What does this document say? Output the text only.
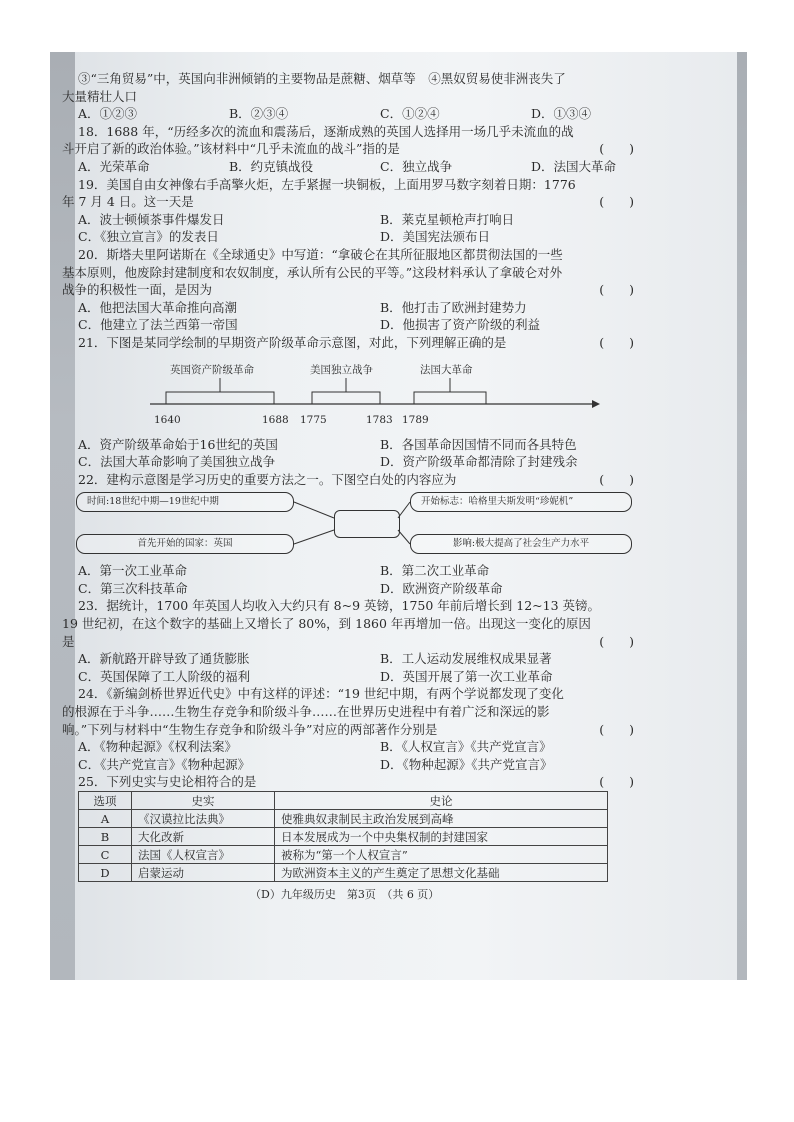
③“三角贸易”中，英国向非洲倾销的主要物品是蔗糖、烟草等　④黑奴贸易使非洲丧失了
大量精壮人口
A．①②③	B．②③④	C．①②④	D．①③④
18．1688 年，“历经多次的流血和震荡后，逐渐成熟的英国人选择用一场几乎未流血的战
斗开启了新的政治体验。”该材料中“几乎未流血的战斗”指的是	(　　)
A．光荣革命	B．约克镇战役	C．独立战争	D．法国大革命
19．美国自由女神像右手高擎火炬，左手紧握一块铜板，上面用罗马数字刻着日期：1776
年 7 月 4 日。这一天是	(　　)
A．波士顿倾茶事件爆发日	B．莱克星顿枪声打响日
C．《独立宣言》的发表日	D．美国宪法颁布日
20．斯塔夫里阿诺斯在《全球通史》中写道：“拿破仑在其所征服地区都贯彻法国的一些
基本原则，他废除封建制度和农奴制度，承认所有公民的平等。”这段材料承认了拿破仑对外
战争的积极性一面，是因为	(　　)
A．他把法国大革命推向高潮	B．他打击了欧洲封建势力
C．他建立了法兰西第一帝国	D．他损害了资产阶级的利益
21．下图是某同学绘制的早期资产阶级革命示意图，对此，下列理解正确的是	(　　)
英国资产阶级革命	美国独立战争	法国大革命
1640	1688 1775	1783 1789
A．资产阶级革命始于16世纪的英国	B．各国革命因国情不同而各具特色
C．法国大革命影响了美国独立战争	D．资产阶级革命都清除了封建残余
22．建构示意图是学习历史的重要方法之一。下图空白处的内容应为	(　　)
时间:18世纪中期—19世纪中期
首先开始的国家：英国
开始标志：哈格里夫斯发明“珍妮机”
影响:极大提高了社会生产力水平
A．第一次工业革命	B．第二次工业革命
C．第三次科技革命	D．欧洲资产阶级革命
23．据统计，1700 年英国人均收入大约只有 8~9 英镑，1750 年前后增长到 12~13 英镑。
19 世纪初，在这个数字的基础上又增长了 80%，到 1860 年再增加一倍。出现这一变化的原因
是	(　　)
A．新航路开辟导致了通货膨胀	B．工人运动发展维权成果显著
C．英国保障了工人阶级的福利	D．英国开展了第一次工业革命
24．《新编剑桥世界近代史》中有这样的评述：“19 世纪中期，有两个学说都发现了变化
的根源在于斗争……生物生存竞争和阶级斗争……在世界历史进程中有着广泛和深远的影
响。”下列与材料中“生物生存竞争和阶级斗争”对应的两部著作分别是	(　　)
A．《物种起源》《权利法案》	B．《人权宣言》《共产党宣言》
C．《共产党宣言》《物种起源》	D．《物种起源》《共产党宣言》
25．下列史实与史论相符合的是	(　　)
选项	史实	史论
A	《汉谟拉比法典》	使雅典奴隶制民主政治发展到高峰
B	大化改新	日本发展成为一个中央集权制的封建国家
C	法国《人权宣言》	被称为“第一个人权宣言”
D	启蒙运动	为欧洲资本主义的产生奠定了思想文化基础
（D）九年级历史　第3页　（共 6 页）
